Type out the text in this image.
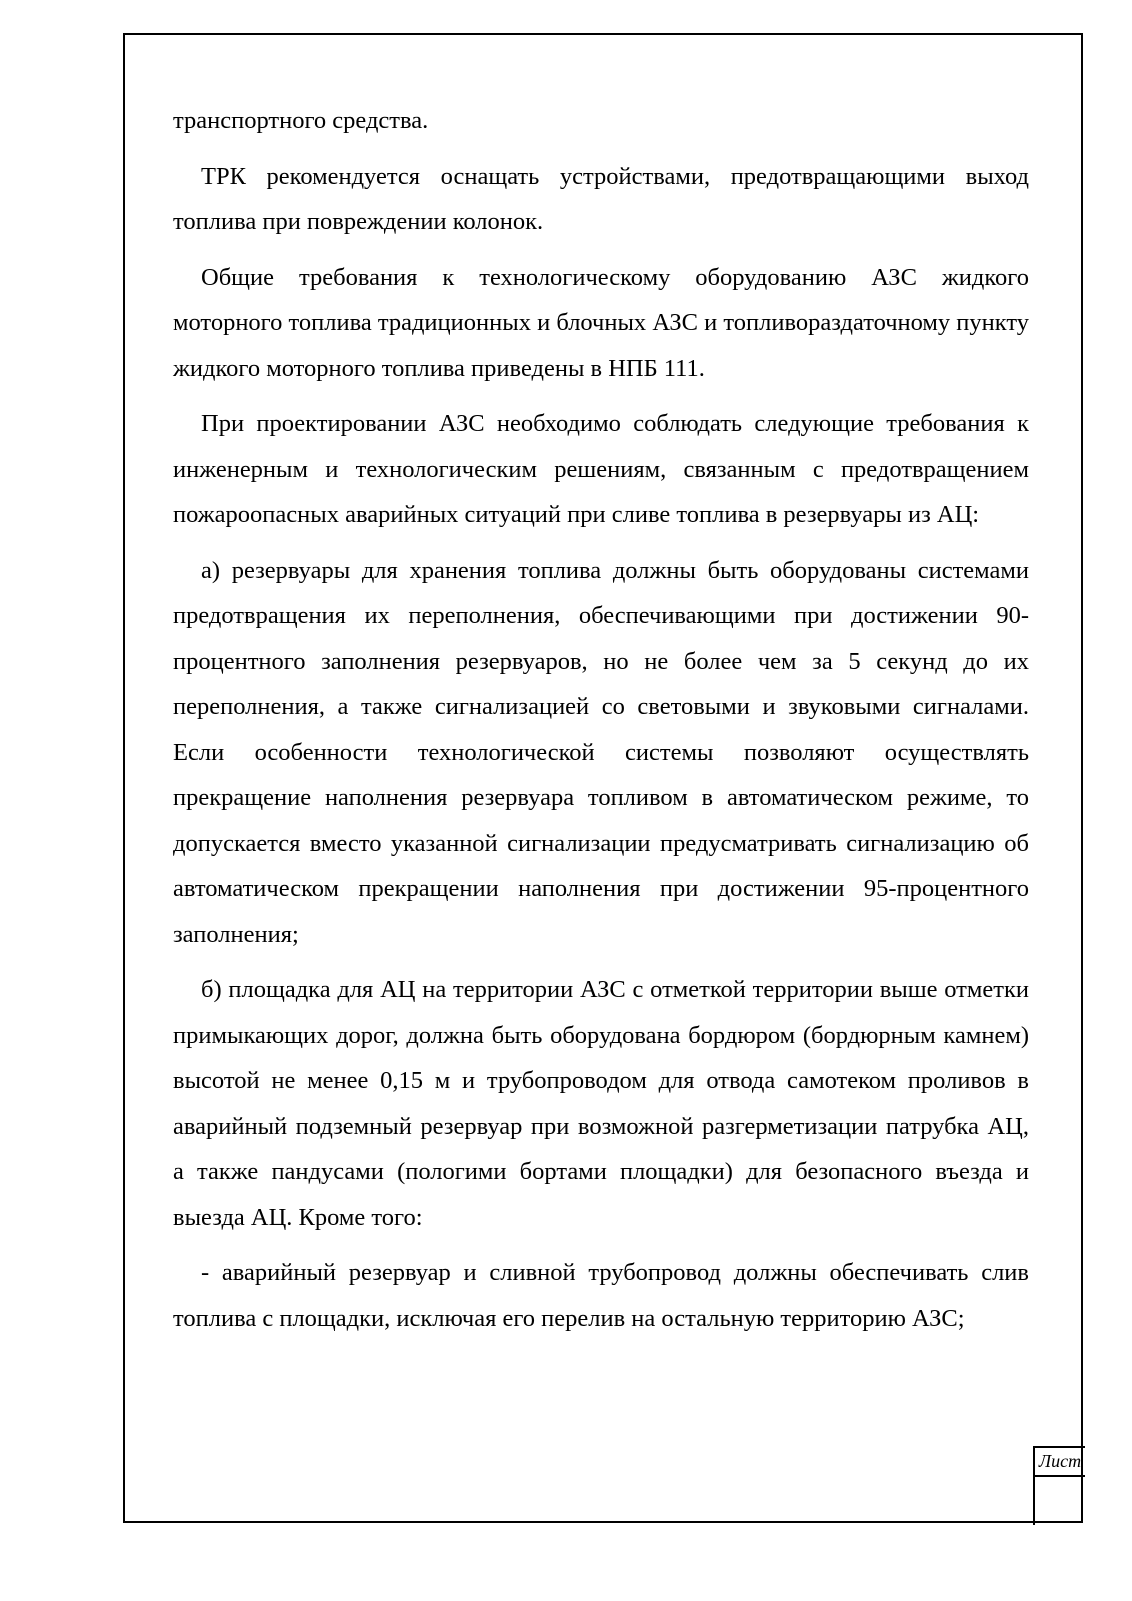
транспортного средства.

ТРК рекомендуется оснащать устройствами, предотвращающими выход топлива при повреждении колонок.

Общие требования к технологическому оборудованию АЗС жидкого моторного топлива традиционных и блочных АЗС и топливораздаточному пункту жидкого моторного топлива приведены в НПБ 111.

При проектировании АЗС необходимо соблюдать следующие требования к инженерным и технологическим решениям, связанным с предотвращением пожароопасных аварийных ситуаций при сливе топлива в резервуары из АЦ:

а) резервуары для хранения топлива должны быть оборудованы системами предотвращения их переполнения, обеспечивающими при достижении 90-процентного заполнения резервуаров, но не более чем за 5 секунд до их переполнения, а также сигнализацией со световыми и звуковыми сигналами. Если особенности технологической системы позволяют осуществлять прекращение наполнения резервуара топливом в автоматическом режиме, то допускается вместо указанной сигнализации предусматривать сигнализацию об автоматическом прекращении наполнения при достижении 95-процентного заполнения;

б) площадка для АЦ на территории АЗС с отметкой территории выше отметки примыкающих дорог, должна быть оборудована бордюром (бордюрным камнем) высотой не менее 0,15 м и трубопроводом для отвода самотеком проливов в аварийный подземный резервуар при возможной разгерметизации патрубка АЦ, а также пандусами (пологими бортами площадки) для безопасного въезда и выезда АЦ. Кроме того:

- аварийный резервуар и сливной трубопровод должны обеспечивать слив топлива с площадки, исключая его перелив на остальную территорию АЗС;

Лист
